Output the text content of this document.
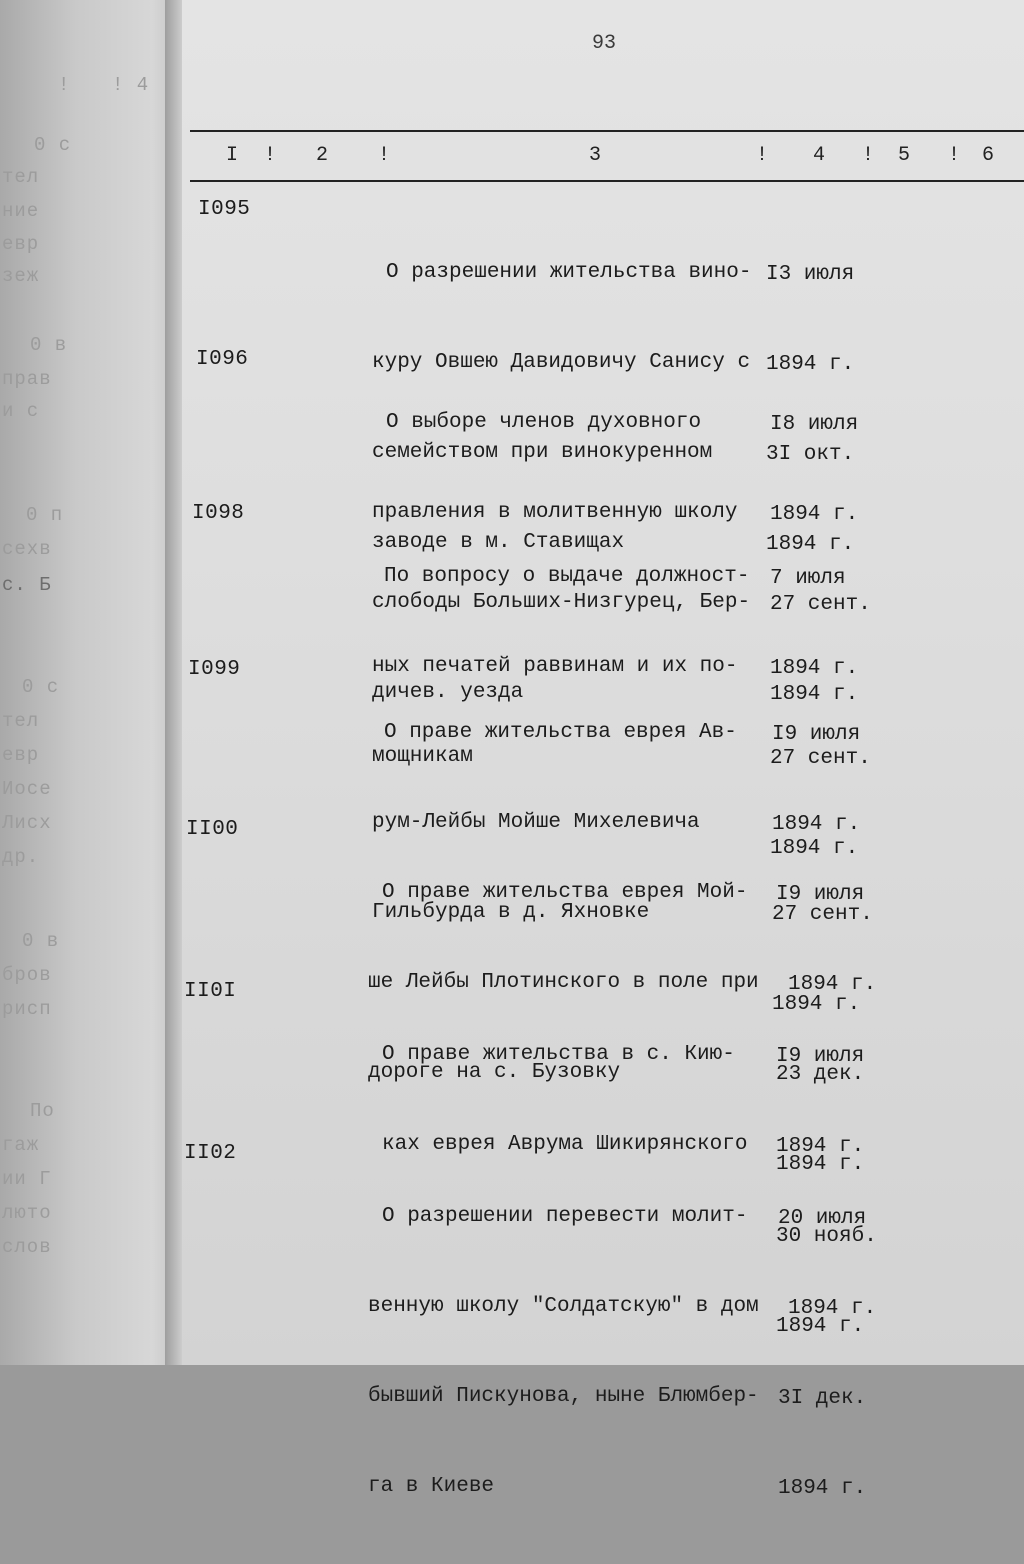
! 4
!
0 с
тел
ние
евр
зеж
0 в
прав
и с
0 п
сехв
с. Б
0 с
тел
евр
Иосе
Лисх
др.
0 в
бров
рисп
По
гаж
ии Г
люто
слов
93
I ! 2 !	3	! 4 ! 5 ! 6
I095

О разрешении жительства вино-

куру Овшею Давидовичу Санису с

семейством при винокуренном

заводе в м. Ставищах

I3 июля

1894 г.

3I окт.

1894 г.

I096

О выборе членов духовного

правления в молитвенную школу

слободы Больших-Низгурец, Бер-

дичев. уезда

I8 июля

1894 г.

27 сент.

1894 г.

I098

По вопросу о выдаче должност-

ных печатей раввинам и их по-

мощникам

7 июля

1894 г.

27 сент.

1894 г.

I099

О праве жительства еврея Ав-

рум-Лейбы Мойше Михелевича

Гильбурда в д. Яхновке

I9 июля

1894 г.

27 сент.

1894 г.

II00

О праве жительства еврея Мой-

ше Лейбы Плотинского в поле при

дороге на с. Бузовку

I9 июля

1894 г.

23 дек.

1894 г.

II0I

О праве жительства в с. Кию-

ках еврея Аврума Шикирянского

I9 июля

1894 г.

30 нояб.

1894 г.

II02

О разрешении перевести молит-

венную школу "Солдатскую" в дом

бывший Пискунова, ныне Блюмбер-

га в Киеве

20 июля

1894 г.

3I дек.

1894 г.
